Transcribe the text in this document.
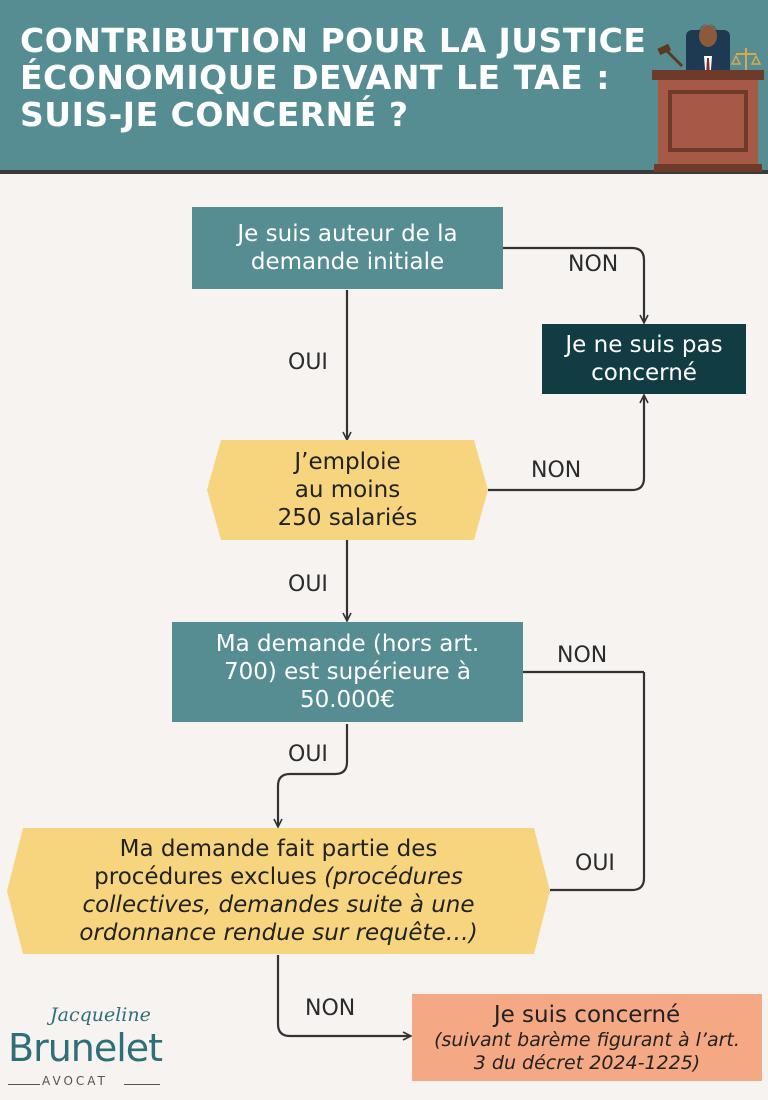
CONTRIBUTION POUR LA JUSTICE
ÉCONOMIQUE DEVANT LE TAE :
SUIS-JE CONCERNÉ ?
Je suis auteur de la demande initiale
Je ne suis pas concerné
J’emploie au moins 250 salariés
Ma demande (hors art. 700) est supérieure à 50.000€
Ma demande fait partie des procédures exclues (procédures collectives, demandes suite à une ordonnance rendue sur requête…)
Je suis concerné
(suivant barème figurant à l’art. 3 du décret 2024-1225)
NON
OUI
NON
OUI
NON
OUI
OUI
NON
Jacqueline
Brunelet
AVOCAT
